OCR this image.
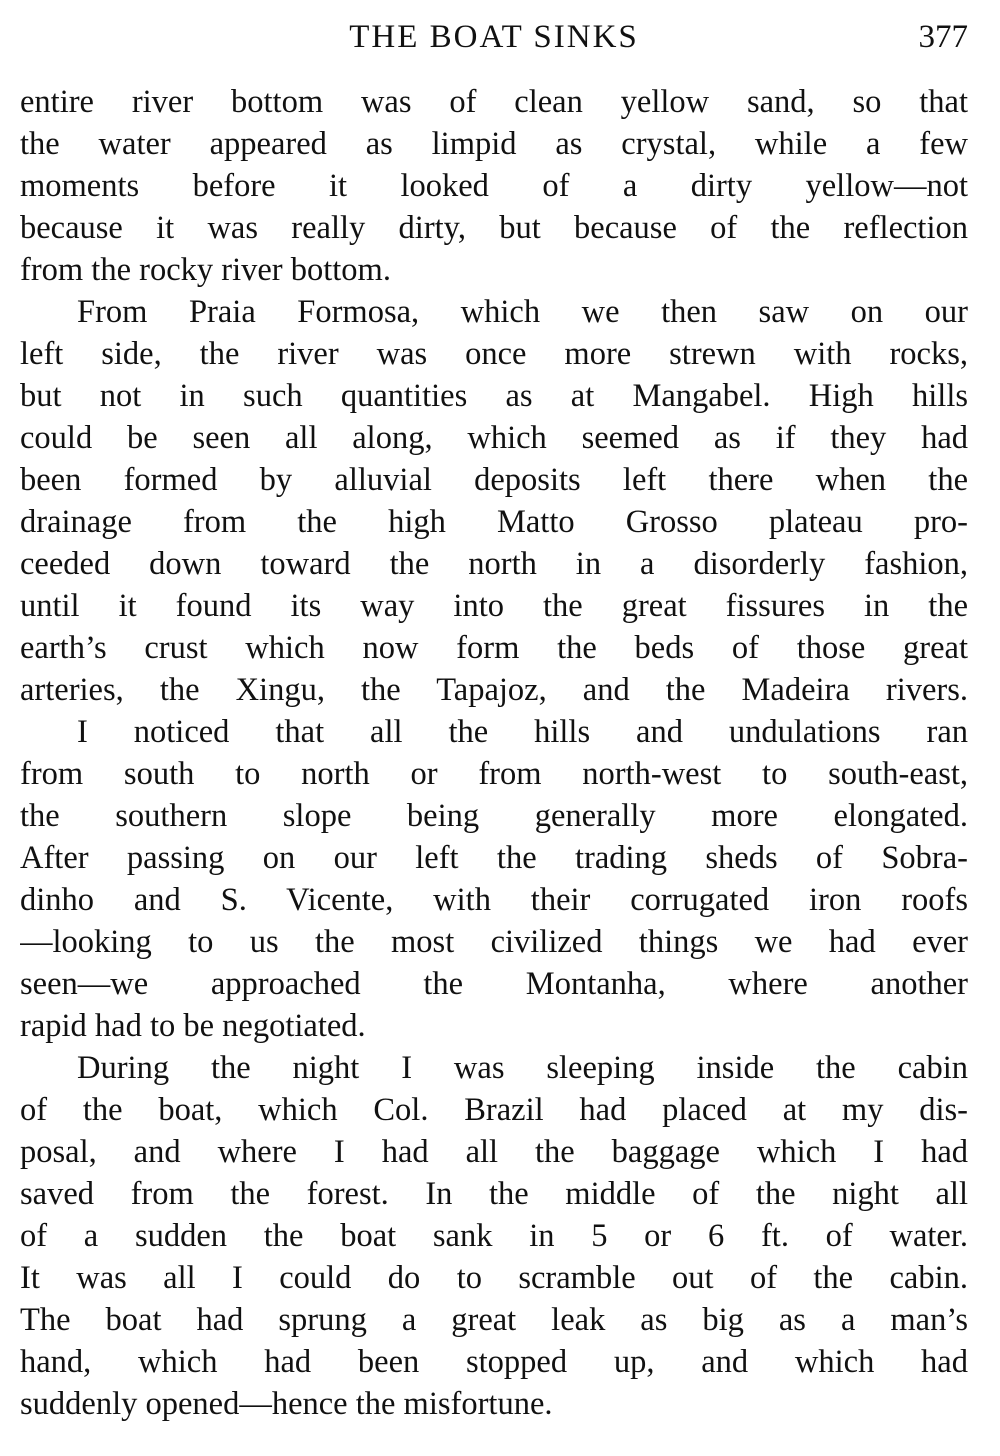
THE BOAT SINKS	377
entire river bottom was of clean yellow sand, so that
the water appeared as limpid as crystal, while a few
moments before it looked of a dirty yellow—not
because it was really dirty, but because of the reflection
from the rocky river bottom.
From Praia Formosa, which we then saw on our
left side, the river was once more strewn with rocks,
but not in such quantities as at Mangabel. High hills
could be seen all along, which seemed as if they had
been formed by alluvial deposits left there when the
drainage from the high Matto Grosso plateau pro-
ceeded down toward the north in a disorderly fashion,
until it found its way into the great fissures in the
earth’s crust which now form the beds of those great
arteries, the Xingu, the Tapajoz, and the Madeira rivers.
I noticed that all the hills and undulations ran
from south to north or from north-west to south-east,
the southern slope being generally more elongated.
After passing on our left the trading sheds of Sobra-
dinho and S. Vicente, with their corrugated iron roofs
—looking to us the most civilized things we had ever
seen—we approached the Montanha, where another
rapid had to be negotiated.
During the night I was sleeping inside the cabin
of the boat, which Col. Brazil had placed at my dis-
posal, and where I had all the baggage which I had
saved from the forest. In the middle of the night all
of a sudden the boat sank in 5 or 6 ft. of water.
It was all I could do to scramble out of the cabin.
The boat had sprung a great leak as big as a man’s
hand, which had been stopped up, and which had
suddenly opened—hence the misfortune.
